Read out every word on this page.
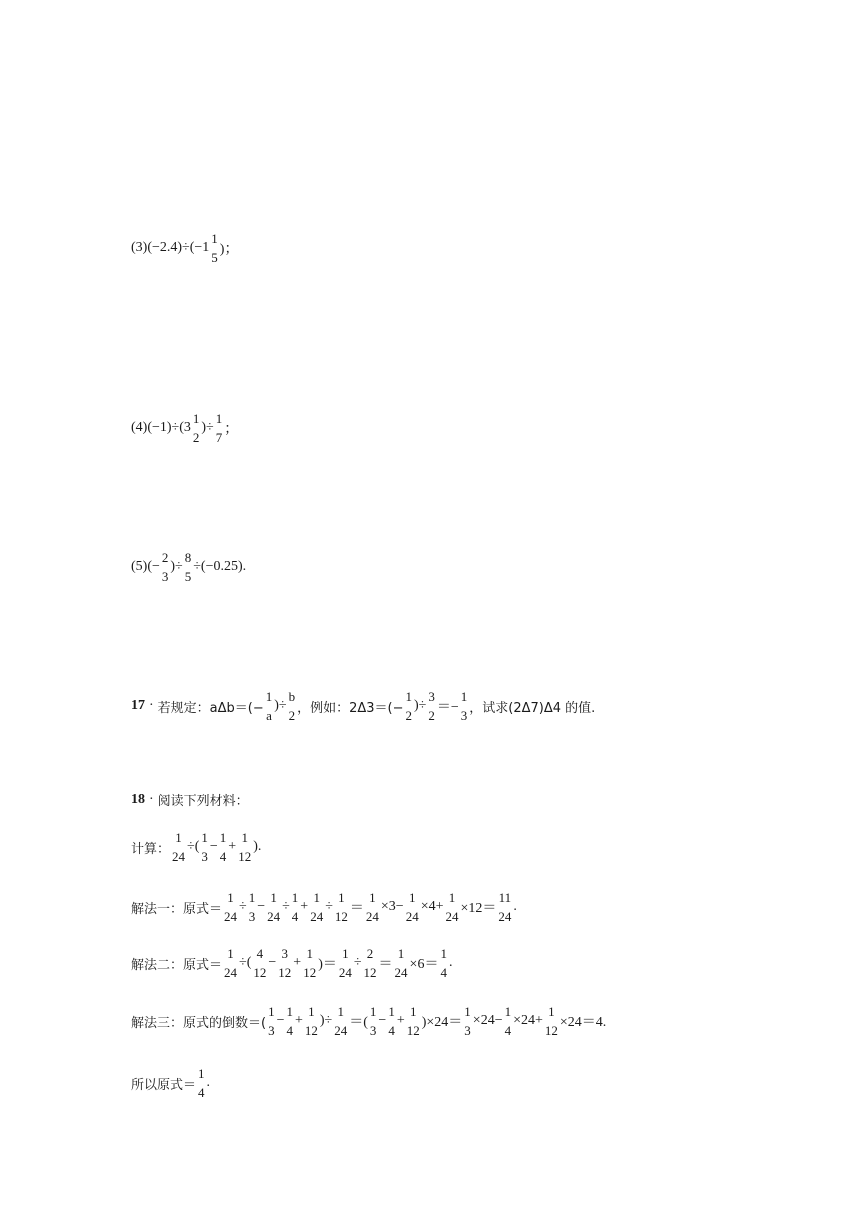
(3)(−2.4)÷(−1
1
5
)；
(4)(−1)÷(3
1
2
)÷
1
7
；
(5)(−
2
3
)÷
8
5
÷(−0.25).
17 · 若规定：aΔb＝(−
1
a
)÷
b
2 ，例如：2Δ3＝(−
1
2
)÷
3
2
＝−
1
3 ，试求(2Δ7)Δ4 的值.
18 · 阅读下列材料：
计算：
1
24
÷(
1
3
−
1
4
+
1
12
).
解法一：原式＝
1
24
÷
1
3
−
1
24
÷
1
4
+
1
24
÷
1
12
＝
1
24
×3−
1
24
×4+
1
24
×12＝
11
24
.
解法二：原式＝
1
24
÷(
4
12
−
3
12
+
1
12
)＝
1
24
÷
2
12
＝
1
24
×6＝
1
4
.
解法三：原式的倒数＝(
1
3
−
1
4
+
1
12
)÷
1
24
＝(
1
3
−
1
4
+
1
12
)×24＝
1
3
×24−
1
4
×24+
1
12
×24＝4.
所以原式＝
1
4
.
